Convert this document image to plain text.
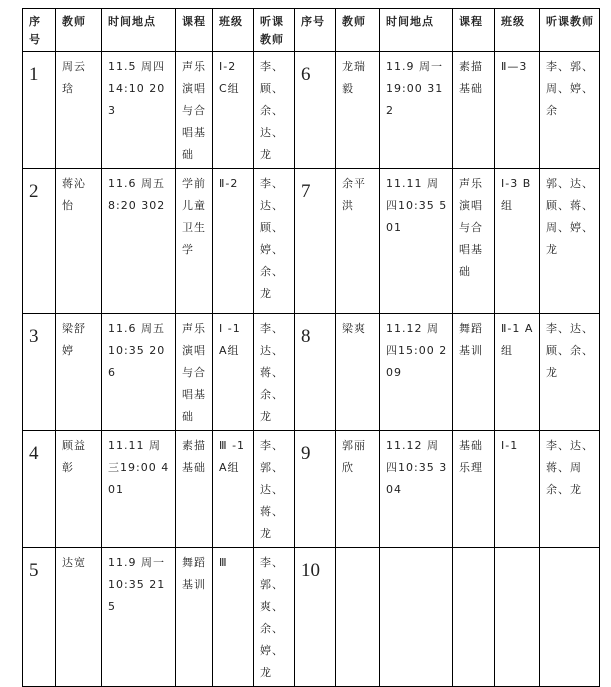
序号	教师	时间地点	课程	班级	听课教师	序号	教师	时间地点	课程	班级	听课教师
1	周云琀	11.5 周四14:10 203	声乐演唱与合唱基础	Ⅰ-2 C组	李、顾、余、达、龙	6	龙瑞毅	11.9 周一19:00 312	素描基础	Ⅱ—3	李、郭、周、婷、余
2	蒋沁怡	11.6 周五8:20 302	学前儿童卫生学	Ⅱ-2	李、达、顾、婷、余、龙	7	余平洪	11.11 周四10:35 501	声乐演唱与合唱基础	Ⅰ-3 B组	郭、达、顾、蒋、周、婷、龙
3	梁舒婷	11.6 周五10:35 206	声乐演唱与合唱基础	Ⅰ -1A组	李、达、蒋、余、龙	8	梁爽	11.12 周四15:00 209	舞蹈基训	Ⅱ-1 A组	李、达、顾、余、龙
4	顾益彰	11.11 周三19:00 401	素描基础	Ⅲ -1A组	李、郭、达、蒋、龙	9	郭丽欣	11.12 周四10:35 304	基础乐理	Ⅰ-1	李、达、蒋、周余、龙
5	达宽	11.9 周一10:35 215	舞蹈基训	Ⅲ	李、郭、爽、余、婷、龙	10					
